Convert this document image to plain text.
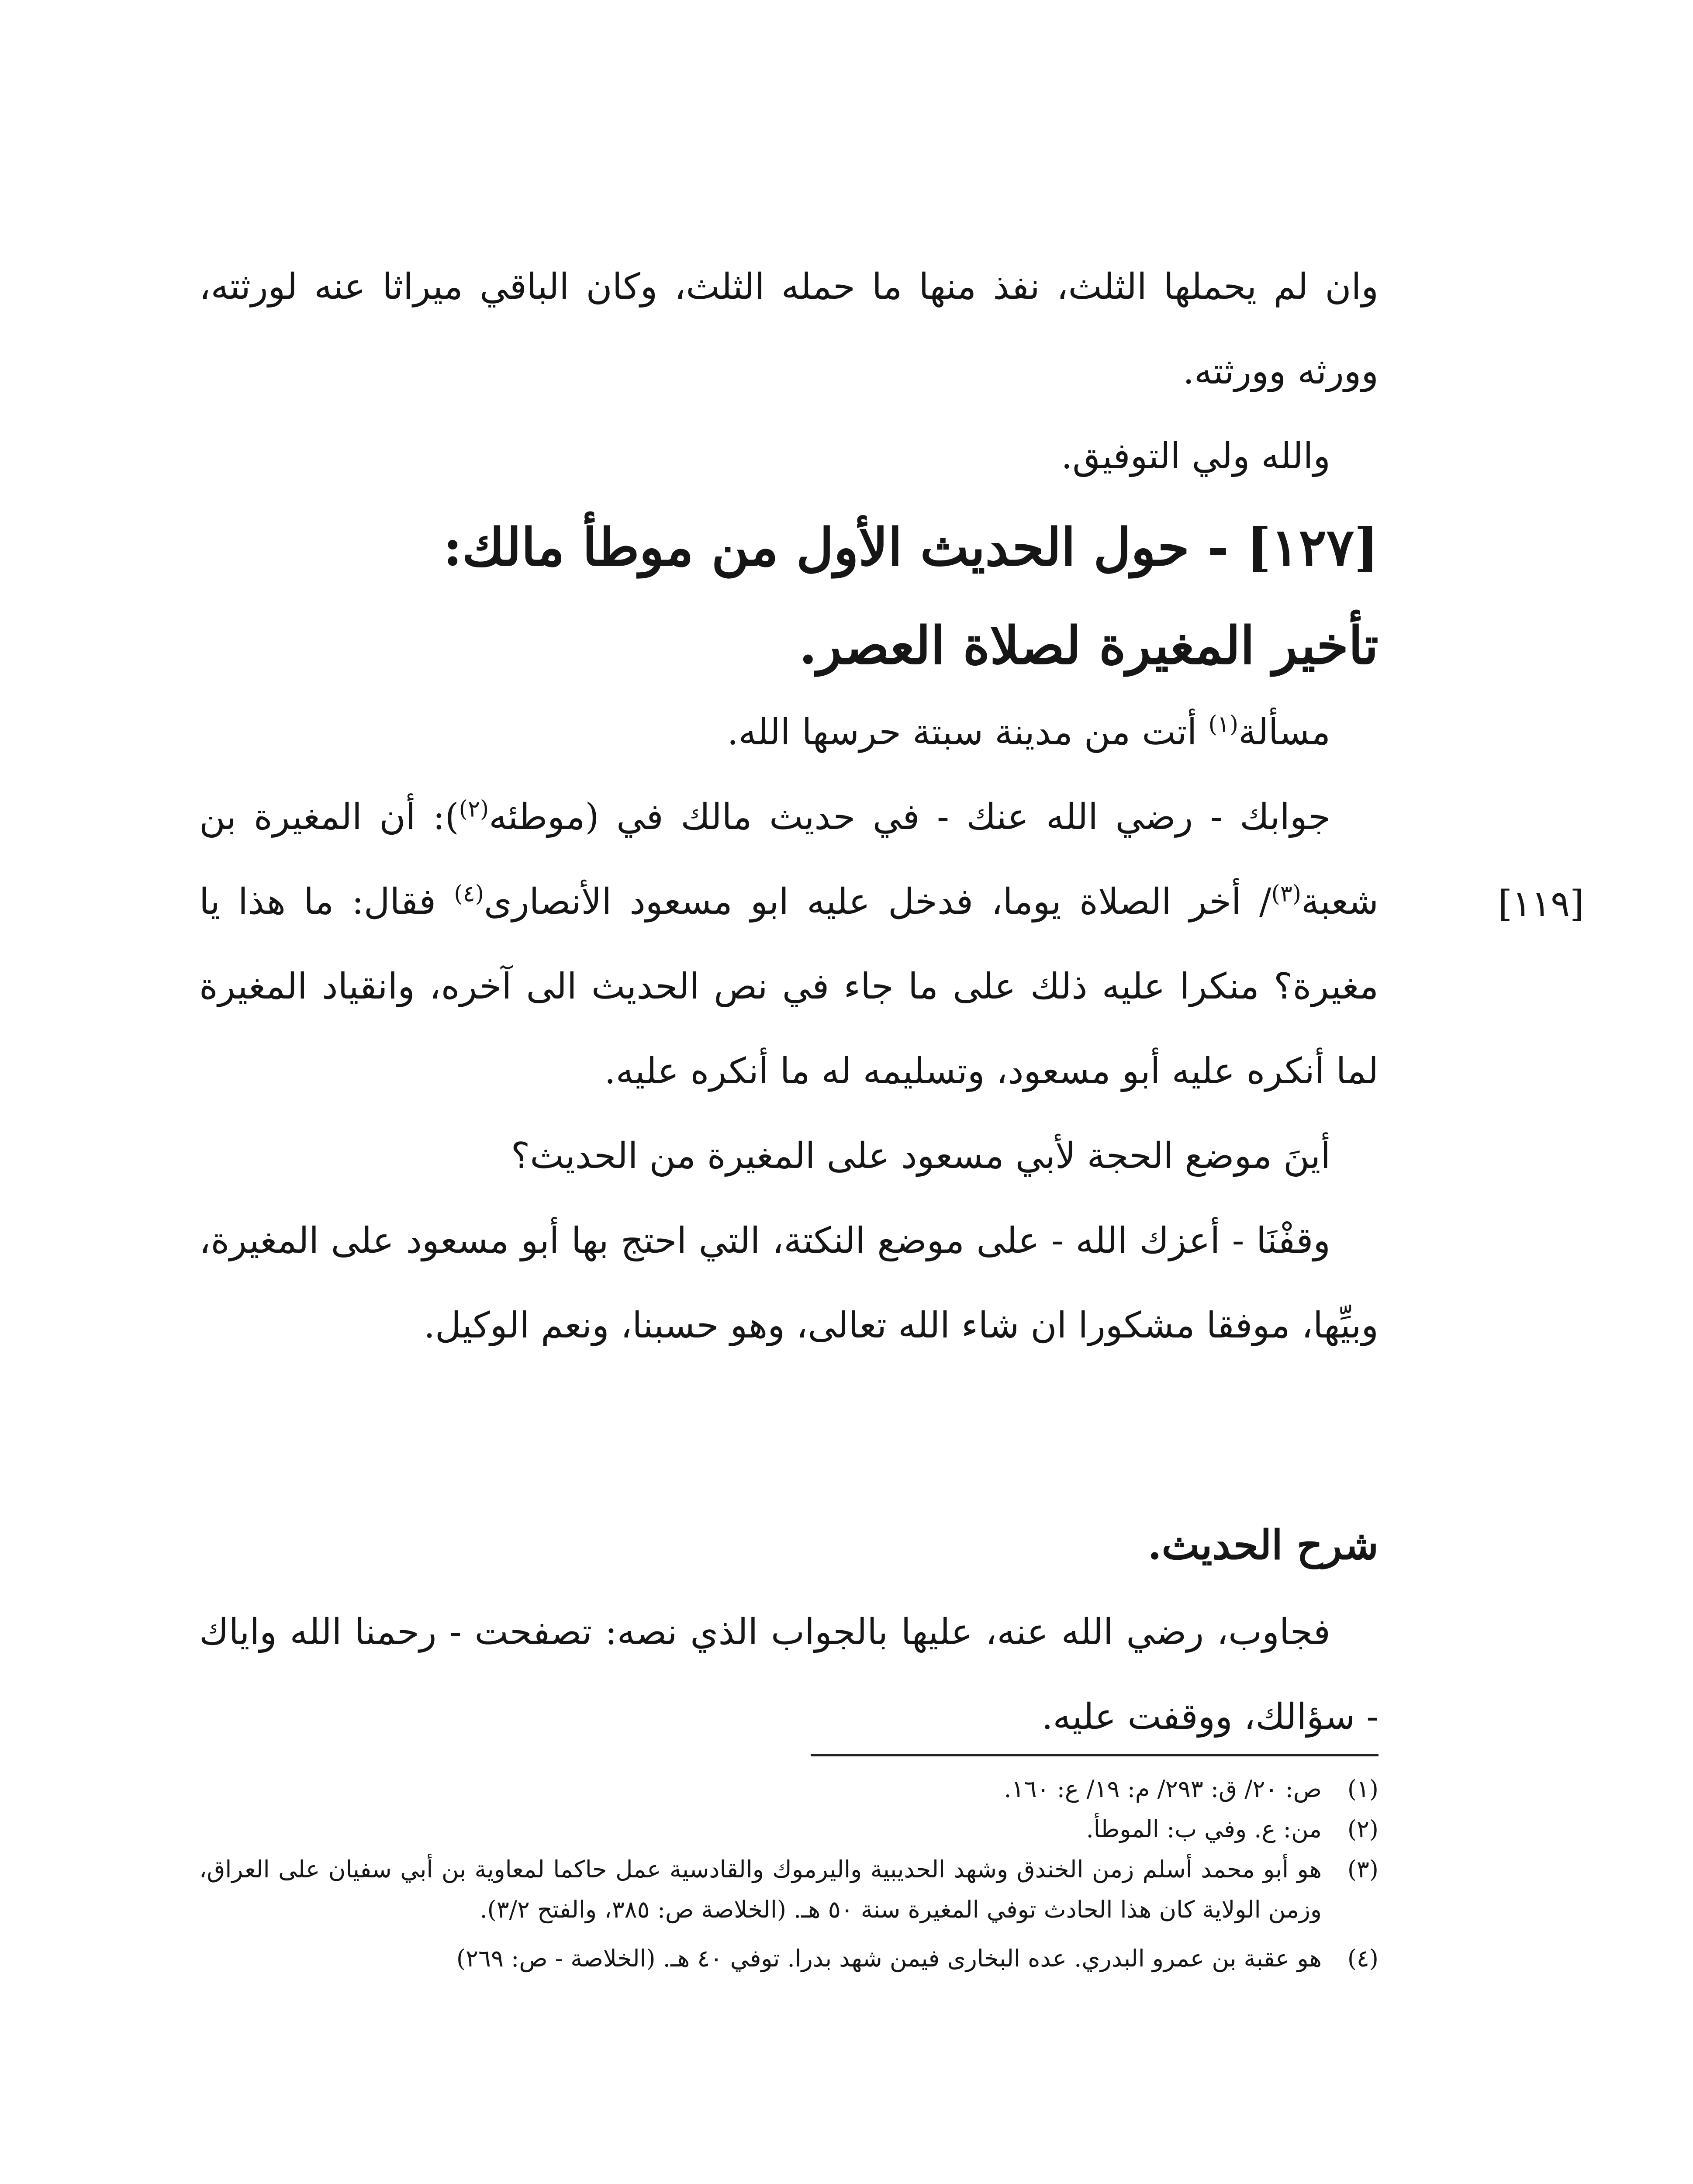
وان لم يحملها الثلث، نفذ منها ما حمله الثلث، وكان الباقي ميراثا عنه لورثته، وورثه وورثته.

والله ولي التوفيق.

[١٢٧] - حول الحديث الأول من موطأ مالك:
تأخير المغيرة لصلاة العصر.

مسألة$^{(١)}$ أتت من مدينة سبتة حرسها الله.

جوابك - رضي الله عنك - في حديث مالك في (موطئه$^{(٢)}$): أن المغيرة بن شعبة$^{(٣)}$/ أخر الصلاة يوما، فدخل عليه ابو مسعود الأنصارى$^{(٤)}$ فقال: ما هذا يا مغيرة؟ منكرا عليه ذلك على ما جاء في نص الحديث الى آخره، وانقياد المغيرة لما أنكره عليه أبو مسعود، وتسليمه له ما أنكره عليه.

أينَ موضع الحجة لأبي مسعود على المغيرة من الحديث؟

وقفْنَا - أعزك الله - على موضع النكتة، التي احتج بها أبو مسعود على المغيرة، وبيِّها، موفقا مشكورا ان شاء الله تعالى، وهو حسبنا، ونعم الوكيل.

[١١٩]
شرح الحديث.

فجاوب، رضي الله عنه، عليها بالجواب الذي نصه: تصفحت - رحمنا الله واياك - سؤالك، ووقفت عليه.

(١)
ص: ٢٠/ ق: ٢٩٣/ م: ١٩/ ع: ١٦٠.
(٢)
من: ع. وفي ب: الموطأ.
(٣)
هو أبو محمد أسلم زمن الخندق وشهد الحديبية واليرموك والقادسية عمل حاكما لمعاوية بن أبي سفيان على العراق، وزمن الولاية كان هذا الحادث توفي المغيرة سنة ٥٠ هـ. (الخلاصة ص: ٣٨٥، والفتح ٣/٢).
(٤)
هو عقبة بن عمرو البدري. عده البخارى فيمن شهد بدرا. توفي ٤٠ هـ. (الخلاصة - ص: ٢٦٩)
